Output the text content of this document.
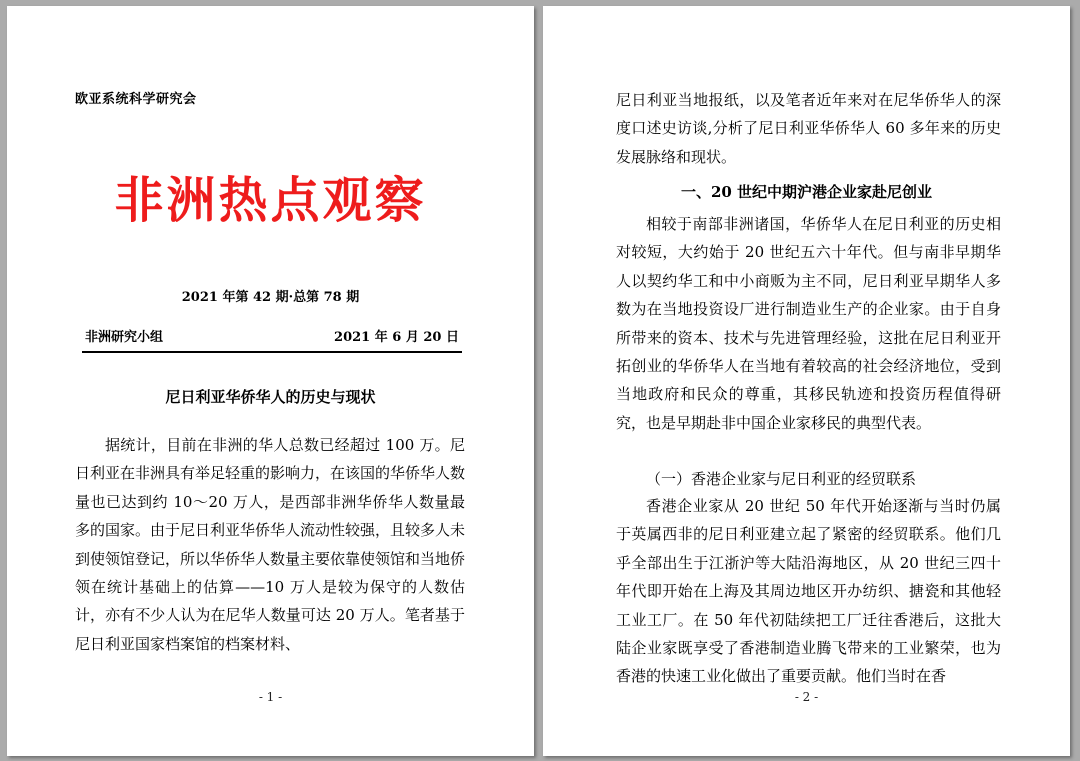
欧亚系统科学研究会
非洲热点观察
2021 年第 42 期·总第 78 期
非洲研究小组	2021 年 6 月 20 日
尼日利亚华侨华人的历史与现状

据统计，目前在非洲的华人总数已经超过 100 万。尼日利亚在非洲具有举足轻重的影响力，在该国的华侨华人数量也已达到约 10～20 万人，是西部非洲华侨华人数量最多的国家。由于尼日利亚华侨华人流动性较强，且较多人未到使领馆登记，所以华侨华人数量主要依靠使领馆和当地侨领在统计基础上的估算——10 万人是较为保守的人数估计，亦有不少人认为在尼华人数量可达 20 万人。笔者基于尼日利亚国家档案馆的档案材料、

- 1 -

尼日利亚当地报纸，以及笔者近年来对在尼华侨华人的深度口述史访谈,分析了尼日利亚华侨华人 60 多年来的历史发展脉络和现状。

一、20 世纪中期沪港企业家赴尼创业

相较于南部非洲诸国，华侨华人在尼日利亚的历史相对较短，大约始于 20 世纪五六十年代。但与南非早期华人以契约华工和中小商贩为主不同，尼日利亚早期华人多数为在当地投资设厂进行制造业生产的企业家。由于自身所带来的资本、技术与先进管理经验，这批在尼日利亚开拓创业的华侨华人在当地有着较高的社会经济地位，受到当地政府和民众的尊重，其移民轨迹和投资历程值得研究，也是早期赴非中国企业家移民的典型代表。

（一）香港企业家与尼日利亚的经贸联系

香港企业家从 20 世纪 50 年代开始逐渐与当时仍属于英属西非的尼日利亚建立起了紧密的经贸联系。他们几乎全部出生于江浙沪等大陆沿海地区，从 20 世纪三四十年代即开始在上海及其周边地区开办纺织、搪瓷和其他轻工业工厂。在 50 年代初陆续把工厂迁往香港后，这批大陆企业家既享受了香港制造业腾飞带来的工业繁荣，也为香港的快速工业化做出了重要贡献。他们当时在香

- 2 -
